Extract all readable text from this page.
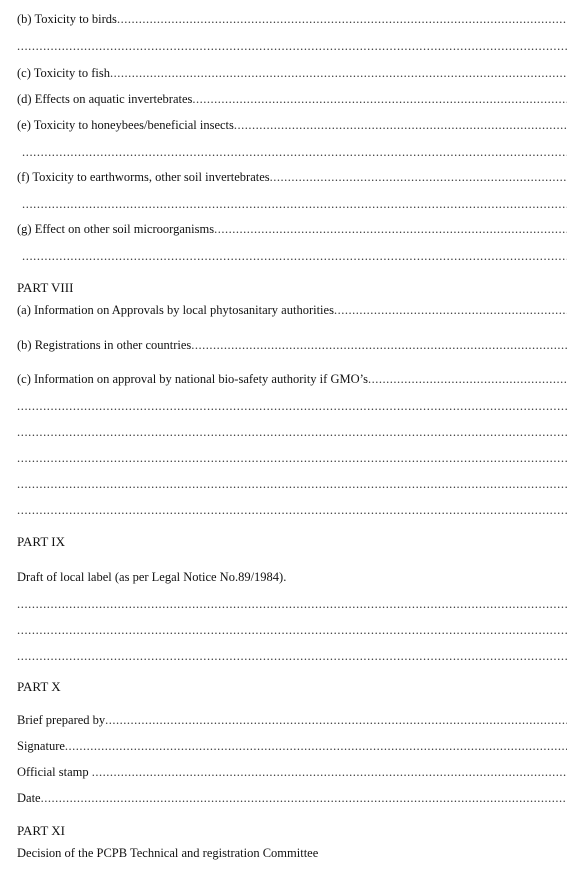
(b) Toxicity to birds
.....
.....
(c) Toxicity to fish
.....
(d) Effects on aquatic invertebrates
.....
(e) Toxicity to honeybees/beneficial insects
.....
.....
(f) Toxicity to earthworms, other soil invertebrates
.....
.....
(g) Effect on other soil microorganisms
.....
.....
PART VIII
(a) Information on Approvals by local phytosanitary authorities
.....
(b) Registrations in other countries
.....
(c) Information on approval by national bio-safety authority if GMO’s
.....
.....
.....
.....
.....
.....
PART IX
Draft of local label (as per Legal Notice No.89/1984).
.....
.....
.....
PART X
Brief prepared by
.....
Signature
.....
Official stamp
.....
Date
.....
PART XI
Decision of the PCPB Technical and registration Committee
